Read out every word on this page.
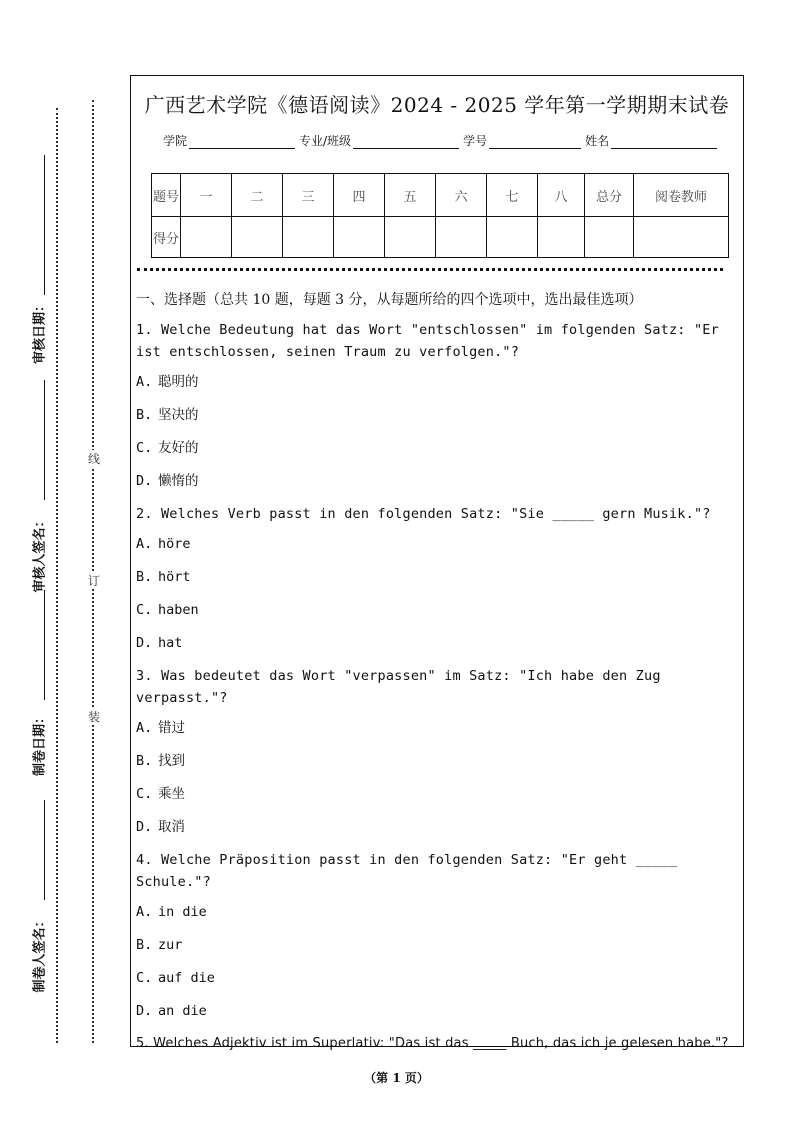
审核日期：
审核人签名：
制卷日期：
制卷人签名：
线
订
装
广西艺术学院《德语阅读》2024 - 2025 学年第一学期期末试卷
学院	专业/班级	学号	姓名
题号	一	二	三	四	五	六	七	八	总分	阅卷教师
得分										
一、选择题（总共 10 题，每题 3 分，从每题所给的四个选项中，选出最佳选项）
1. Welche Bedeutung hat das Wort "entschlossen" im folgenden Satz: "Er ist entschlossen, seinen Traum zu verfolgen."?
A. 聪明的
B. 坚决的
C. 友好的
D. 懒惰的
2. Welches Verb passt in den folgenden Satz: "Sie _____ gern Musik."?
A. höre
B. hört
C. haben
D. hat
3. Was bedeutet das Wort "verpassen" im Satz: "Ich habe den Zug verpasst."?
A. 错过
B. 找到
C. 乘坐
D. 取消
4. Welche Präposition passt in den folgenden Satz: "Er geht _____ Schule."?
A. in die
B. zur
C. auf die
D. an die
5. Welches Adjektiv ist im Superlativ: "Das ist das _____ Buch, das ich je gelesen habe."?
（第 1 页）
